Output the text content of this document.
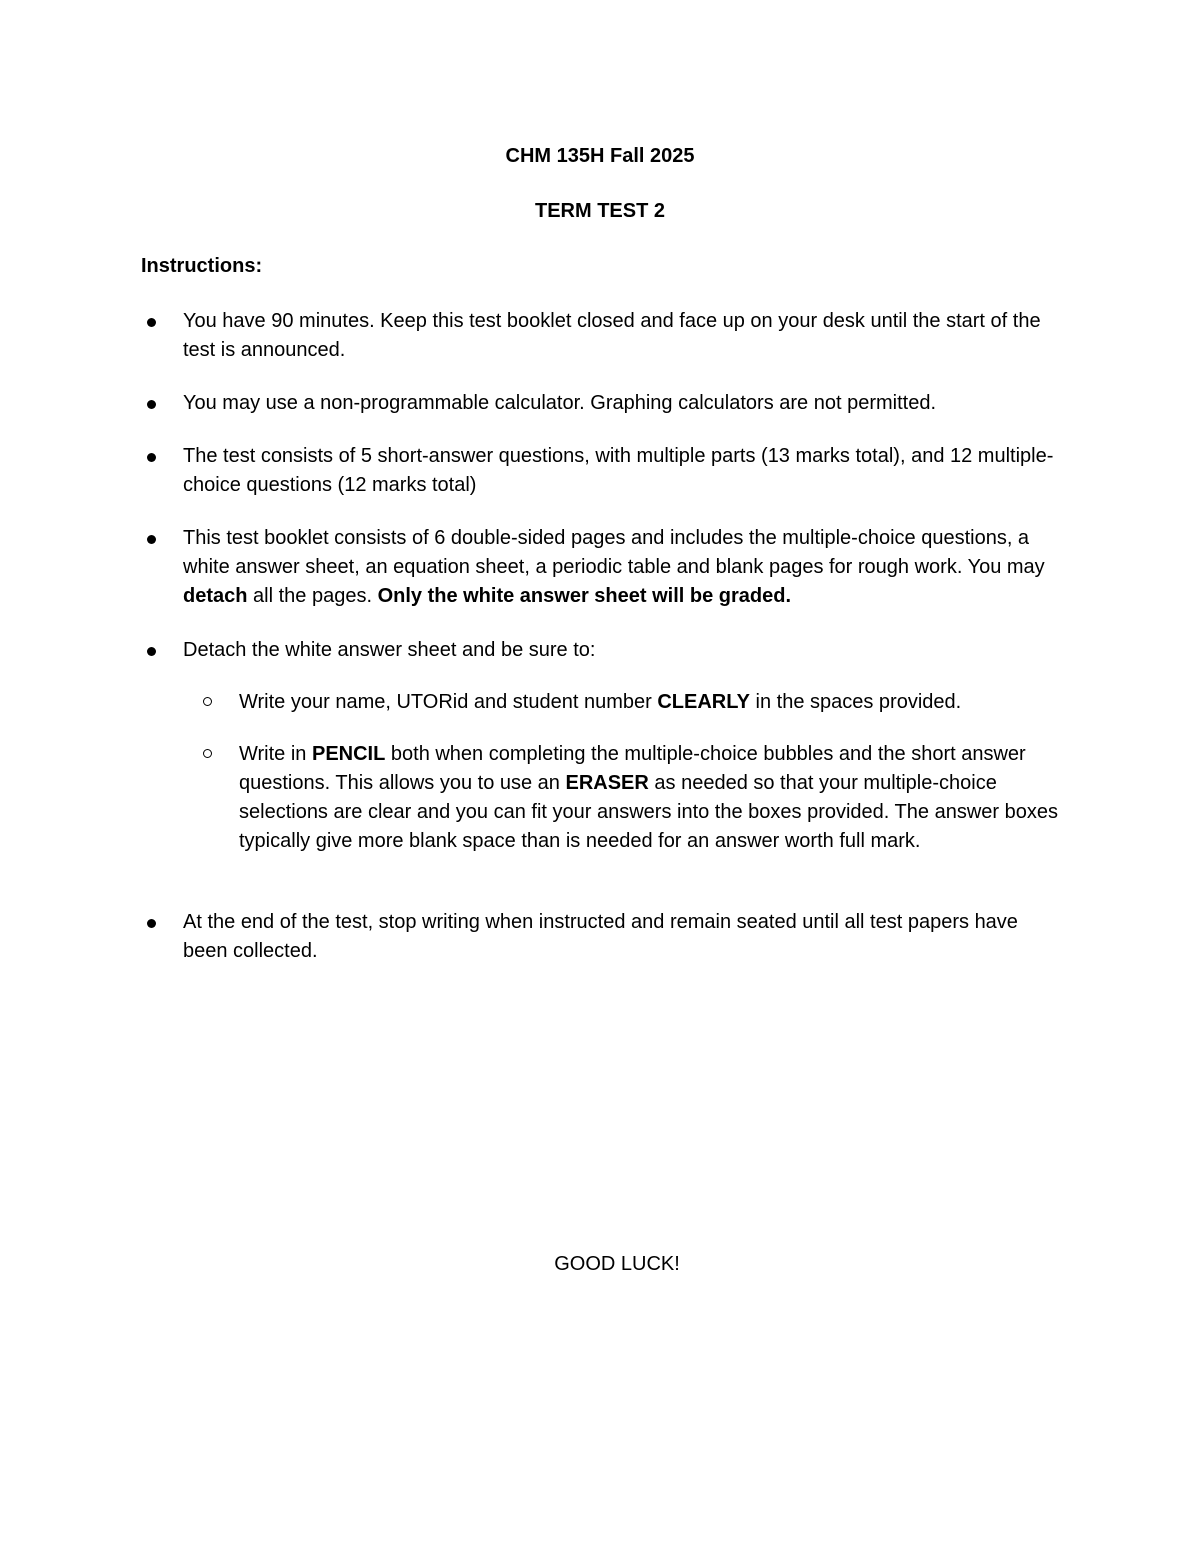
CHM 135H Fall 2025
TERM TEST 2
Instructions:
You have 90 minutes. Keep this test booklet closed and face up on your desk until the start of the test is announced.
You may use a non-programmable calculator. Graphing calculators are not permitted.
The test consists of 5 short-answer questions, with multiple parts (13 marks total), and 12 multiple-choice questions (12 marks total)
This test booklet consists of 6 double-sided pages and includes the multiple-choice questions, a white answer sheet, an equation sheet, a periodic table and blank pages for rough work. You may detach all the pages. Only the white answer sheet will be graded.
Detach the white answer sheet and be sure to:
Write your name, UTORid and student number CLEARLY in the spaces provided.
Write in PENCIL both when completing the multiple-choice bubbles and the short answer questions. This allows you to use an ERASER as needed so that your multiple-choice selections are clear and you can fit your answers into the boxes provided. The answer boxes typically give more blank space than is needed for an answer worth full mark.
At the end of the test, stop writing when instructed and remain seated until all test papers have been collected.
GOOD LUCK!
